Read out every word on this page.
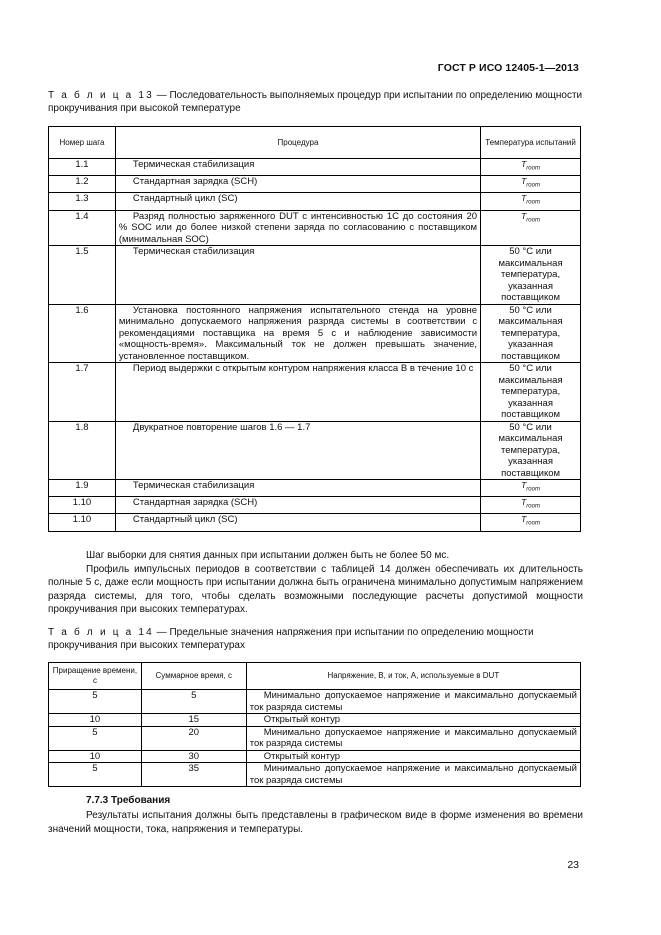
ГОСТ Р ИСО 12405-1—2013
Т а б л и ц а 13 — Последовательность выполняемых процедур при испытании по определению мощности прокручивания при высокой температуре
Номер шага	Процедура	Температура испытаний
1.1	Термическая стабилизация	$T_{room}$
1.2	Стандартная зарядка (SCH)	$T_{room}$
1.3	Стандартный цикл (SC)	$T_{room}$
1.4	Разряд полностью заряженного DUT с интенсивностью 1С до состояния 20 % SOC или до более низкой степени заряда по согласованию с поставщиком (минимальная SOC)	$T_{room}$
1.5	Термическая стабилизация	50 °С или максимальная температура, указанная поставщиком
1.6	Установка постоянного напряжения испытательного стенда на уровне минимально допускаемого напряжения разряда системы в соответствии с рекомендациями поставщика на время 5 с и наблюдение зависимости «мощность-время». Максимальный ток не должен превышать значение, установленное поставщиком.	50 °С или максимальная температура, указанная поставщиком
1.7	Период выдержки с открытым контуром напряжения класса В в течение 10 с	50 °С или максимальная температура, указанная поставщиком
1.8	Двукратное повторение шагов 1.6 — 1.7	50 °С или максимальная температура, указанная поставщиком
1.9	Термическая стабилизация	$T_{room}$
1.10	Стандартная зарядка (SCH)	$T_{room}$
1.10	Стандартный цикл (SC)	$T_{room}$

Шаг выборки для снятия данных при испытании должен быть не более 50 мс.

Профиль импульсных периодов в соответствии с таблицей 14 должен обеспечивать их длительность полные 5 с, даже если мощность при испытании должна быть ограничена минимально допустимым напряжением разряда системы, для того, чтобы сделать возможными последующие расчеты допустимой мощности прокручивания при высоких температурах.

Т а б л и ц а 14 — Предельные значения напряжения при испытании по определению мощности прокручивания при высоких температурах
Приращение времени, с	Суммарное время, с	Напряжение, В, и ток, А, используемые в DUT
5	5	Минимально допускаемое напряжение и максимально допускаемый ток разряда системы
10	15	Открытый контур
5	20	Минимально допускаемое напряжение и максимально допускаемый ток разряда системы
10	30	Открытый контур
5	35	Минимально допускаемое напряжение и максимально допускаемый ток разряда системы
7.7.3 Требования

Результаты испытания должны быть представлены в графическом виде в форме изменения во времени значений мощности, тока, напряжения и температуры.

23
